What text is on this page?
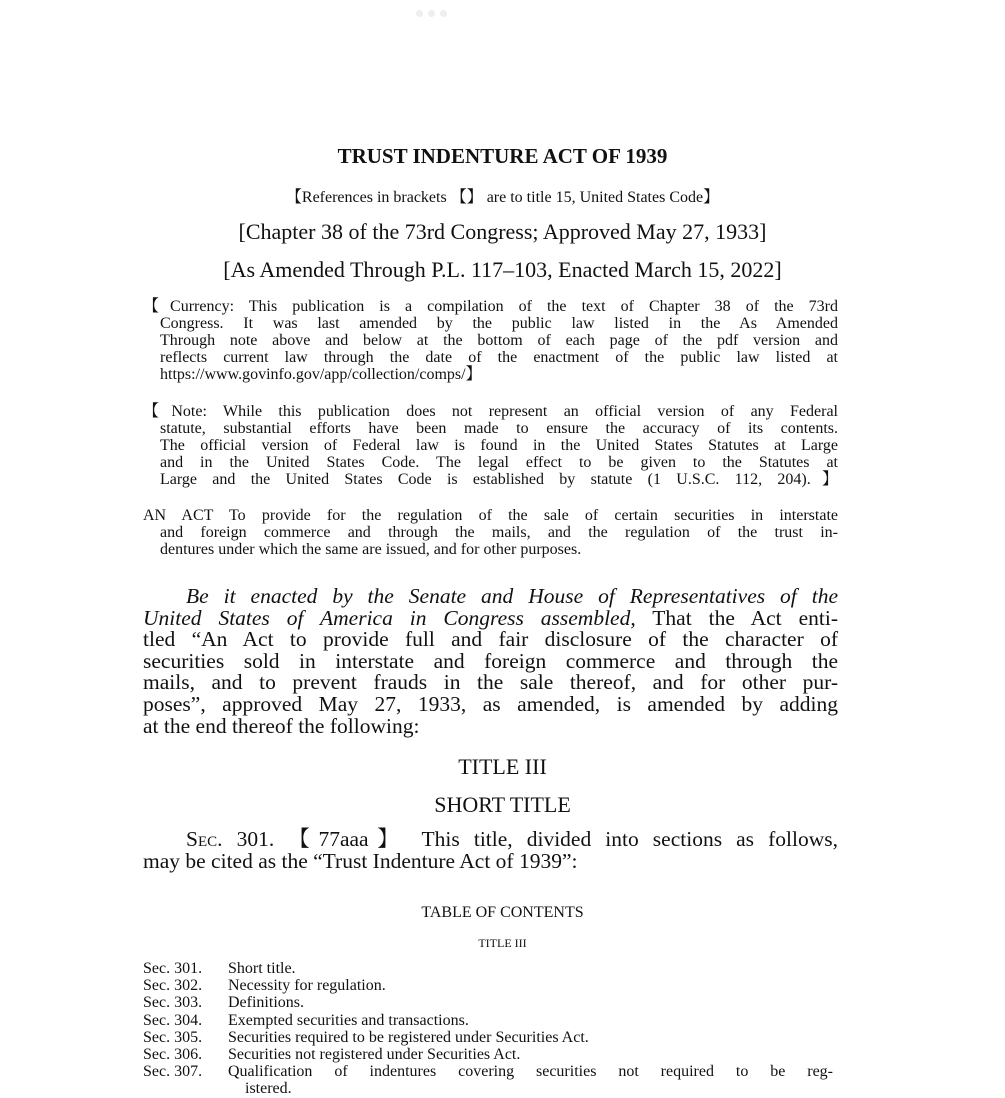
TRUST INDENTURE ACT OF 1939
【References in brackets 【】 are to title 15, United States Code】
[Chapter 38 of the 73rd Congress; Approved May 27, 1933]
[As Amended Through P.L. 117–103, Enacted March 15, 2022]
【Currency: This publication is a compilation of the text of Chapter 38 of the 73rd
Congress. It was last amended by the public law listed in the As Amended
Through note above and below at the bottom of each page of the pdf version and
reflects current law through the date of the enactment of the public law listed at
https://www.govinfo.gov/app/collection/comps/】
【Note: While this publication does not represent an official version of any Federal
statute, substantial efforts have been made to ensure the accuracy of its contents.
The official version of Federal law is found in the United States Statutes at Large
and in the United States Code. The legal effect to be given to the Statutes at
Large and the United States Code is established by statute (1 U.S.C. 112, 204).】
AN ACT To provide for the regulation of the sale of certain securities in interstate
and foreign commerce and through the mails, and the regulation of the trust in-
dentures under which the same are issued, and for other purposes.
Be it enacted by the Senate and House of Representatives of the
United States of America in Congress assembled, That the Act enti-
tled “An Act to provide full and fair disclosure of the character of
securities sold in interstate and foreign commerce and through the
mails, and to prevent frauds in the sale thereof, and for other pur-
poses”, approved May 27, 1933, as amended, is amended by adding
at the end thereof the following:
TITLE III
SHORT TITLE
Sec. 301. 【77aaa】 This title, divided into sections as follows,
may be cited as the “Trust Indenture Act of 1939”:
TABLE OF CONTENTS
TITLE III
Sec. 301.	Short title.
Sec. 302.	Necessity for regulation.
Sec. 303.	Definitions.
Sec. 304.	Exempted securities and transactions.
Sec. 305.	Securities required to be registered under Securities Act.
Sec. 306.	Securities not registered under Securities Act.
Sec. 307.	Qualification of indentures covering securities not required to be reg-
istered.
